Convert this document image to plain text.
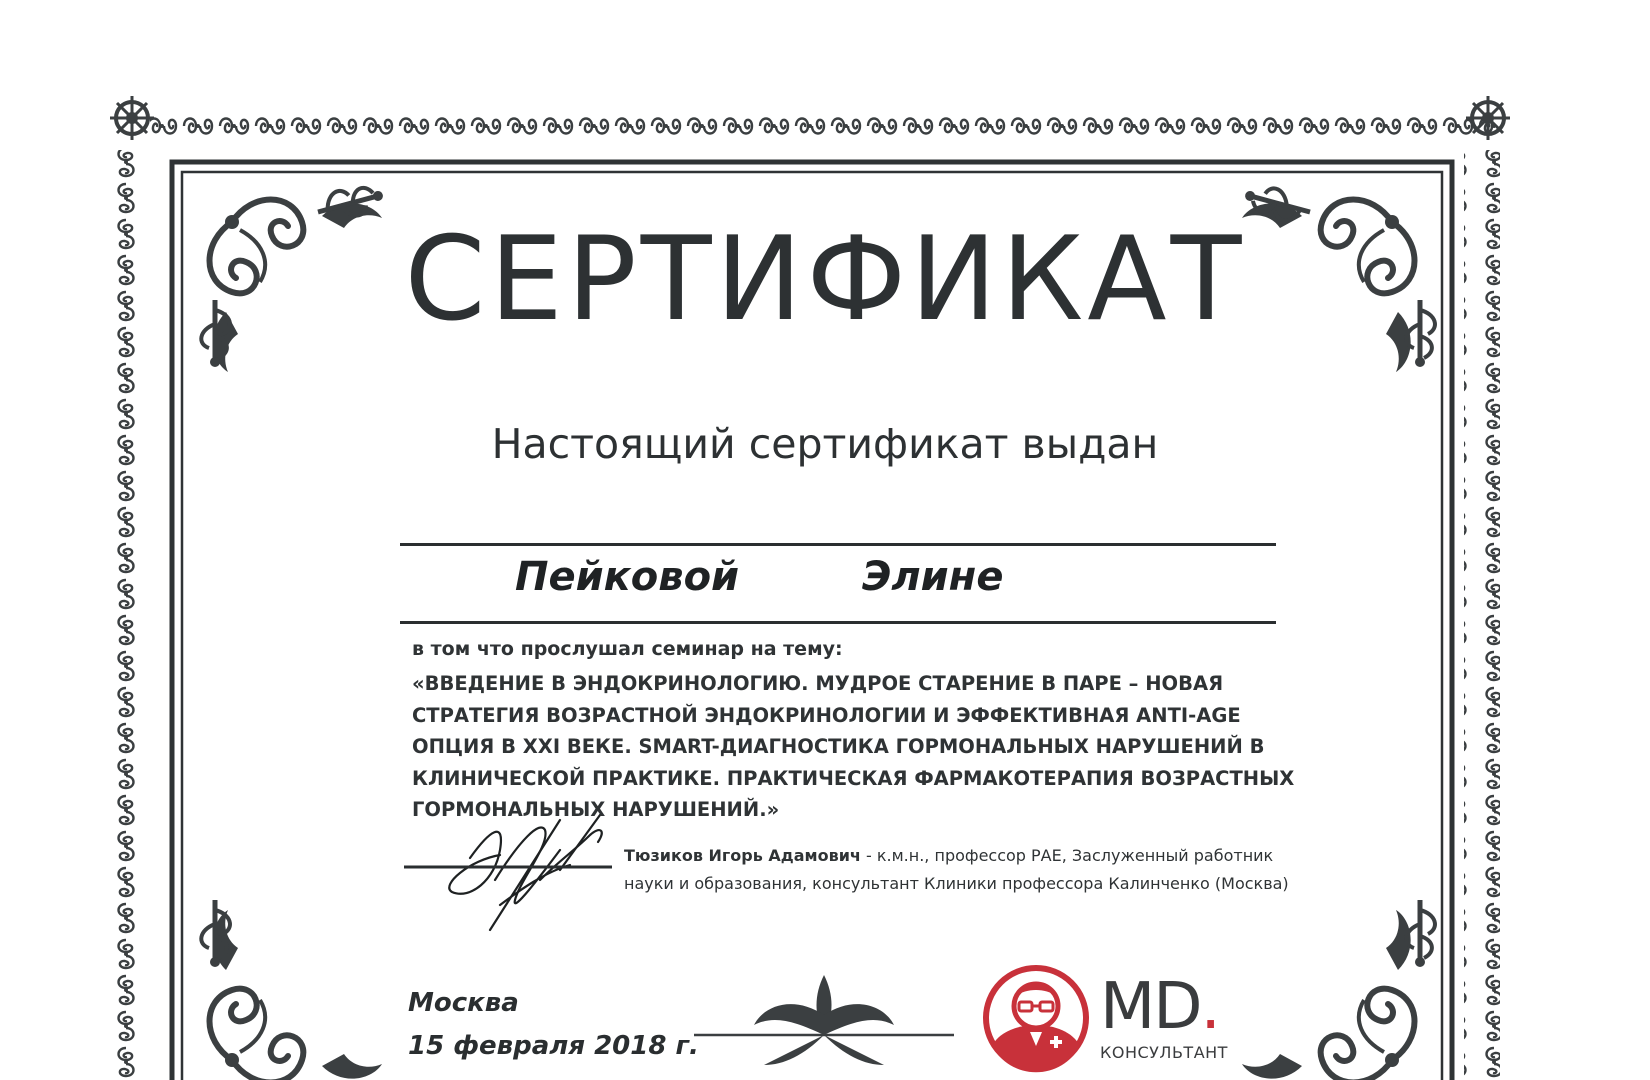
СЕРТИФИКАТ
Настоящий сертификат выдан
Пейковой	Элине
в том что прослушал семинар на тему:
«ВВЕДЕНИЕ В ЭНДОКРИНОЛОГИЮ. МУДРОЕ СТАРЕНИЕ В ПАРЕ – НОВАЯ
СТРАТЕГИЯ ВОЗРАСТНОЙ ЭНДОКРИНОЛОГИИ И ЭФФЕКТИВНАЯ ANTI-AGE
ОПЦИЯ В XXI ВЕКЕ. SMART-ДИАГНОСТИКА ГОРМОНАЛЬНЫХ НАРУШЕНИЙ В
КЛИНИЧЕСКОЙ ПРАКТИКЕ. ПРАКТИЧЕСКАЯ ФАРМАКОТЕРАПИЯ ВОЗРАСТНЫХ
ГОРМОНАЛЬНЫХ НАРУШЕНИЙ.»
Тюзиков Игорь Адамович - к.м.н., профессор РАЕ, Заслуженный работник
науки и образования, консультант Клиники профессора Калинченко (Москва)
Москва
15 февраля 2018 г.
MD.
КОНСУЛЬТАНТ
